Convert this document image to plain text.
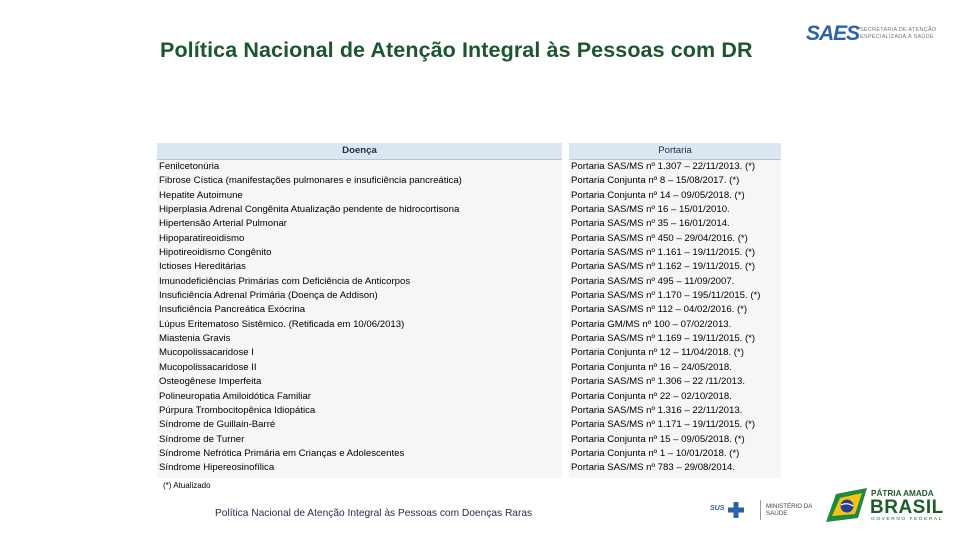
Política Nacional de Atenção Integral às Pessoas com DR
SAES SECRETARIA DE ATENÇÃO
ESPECIALIZADA À SAÚDE
Doença
Fenilcetonúria
Fibrose Cística (manifestações pulmonares e insuficiência pancreática)
Hepatite Autoimune
Hiperplasia Adrenal Congênita Atualização pendente de hidrocortisona
Hipertensão Arterial Pulmonar
Hipoparatireoidismo
Hipotireoidismo Congênito
Ictioses Hereditárias
Imunodeficiências Primárias com Deficiência de Anticorpos
Insuficiência Adrenal Primária (Doença de Addison)
Insuficiência Pancreática Exócrina
Lúpus Eritematoso Sistêmico. (Retificada em 10/06/2013)
Miastenia Gravis
Mucopolissacaridose I
Mucopolissacaridose II
Osteogênese Imperfeita
Polineuropatia Amiloidótica Familiar
Púrpura Trombocitopênica Idiopática
Síndrome de Guillain-Barré
Síndrome de Turner
Síndrome Nefrótica Primária em Crianças e Adolescentes
Síndrome Hipereosinofílica
Portaria
Portaria SAS/MS nº 1.307 – 22/11/2013. (*)
Portaria Conjunta nº 8 – 15/08/2017. (*)
Portaria Conjunta nº 14 – 09/05/2018. (*)
Portaria SAS/MS nº 16 – 15/01/2010.
Portaria SAS/MS nº 35 – 16/01/2014.
Portaria SAS/MS nº 450 – 29/04/2016. (*)
Portaria SAS/MS nº 1.161 – 19/11/2015. (*)
Portaria SAS/MS nº 1.162 – 19/11/2015. (*)
Portaria SAS/MS nº 495 – 11/09/2007.
Portaria SAS/MS nº 1.170 – 195/11/2015. (*)
Portaria SAS/MS nº 112 – 04/02/2016. (*)
Portaria GM/MS nº 100 – 07/02/2013.
Portaria SAS/MS nº 1.169 – 19/11/2015. (*)
Portaria Conjunta nº 12 – 11/04/2018. (*)
Portaria Conjunta nº 16 – 24/05/2018.
Portaria SAS/MS nº 1.306 – 22 /11/2013.
Portaria Conjunta nº 22 – 02/10/2018.
Portaria SAS/MS nº 1.316 – 22/11/2013.
Portaria SAS/MS nº 1.171 – 19/11/2015. (*)
Portaria Conjunta nº 15 – 09/05/2018. (*)
Portaria Conjunta nº 1 – 10/01/2018. (*)
Portaria SAS/MS nº 783 – 29/08/2014.
(*) Atualizado
Política Nacional de Atenção Integral às Pessoas com Doenças Raras	SUS	MINISTÉRIO DA
SAÚDE
PÁTRIA AMADA
BRASIL
GOVERNO FEDERAL
